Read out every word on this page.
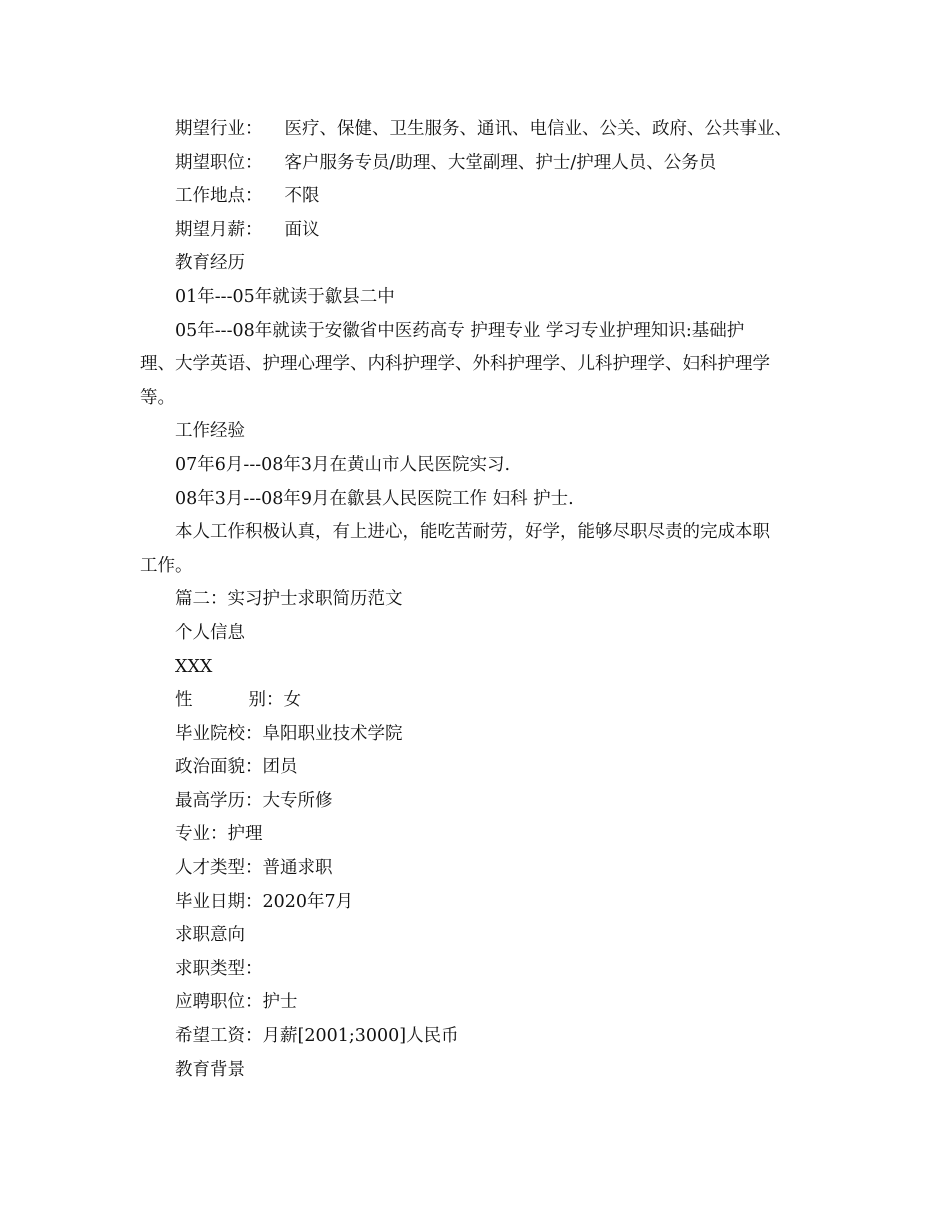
期望行业： 医疗、保健、卫生服务、通讯、电信业、公关、政府、公共事业、
期望职位： 客户服务专员/助理、大堂副理、护士/护理人员、公务员
工作地点： 不限
期望月薪： 面议
教育经历
01年---05年就读于歙县二中
05年---08年就读于安徽省中医药高专 护理专业 学习专业护理知识:基础护
理、大学英语、护理心理学、内科护理学、外科护理学、儿科护理学、妇科护理学
等。
工作经验
07年6月---08年3月在黄山市人民医院实习.
08年3月---08年9月在歙县人民医院工作 妇科 护士.
本人工作积极认真，有上进心，能吃苦耐劳，好学，能够尽职尽责的完成本职
工作。
篇二：实习护士求职简历范文
个人信息
XXX
性	别：女
毕业院校：阜阳职业技术学院
政治面貌：团员
最高学历：大专所修
专业：护理
人才类型：普通求职
毕业日期：2020年7月
求职意向
求职类型：
应聘职位：护士
希望工资：月薪[2001;3000]人民币
教育背景
